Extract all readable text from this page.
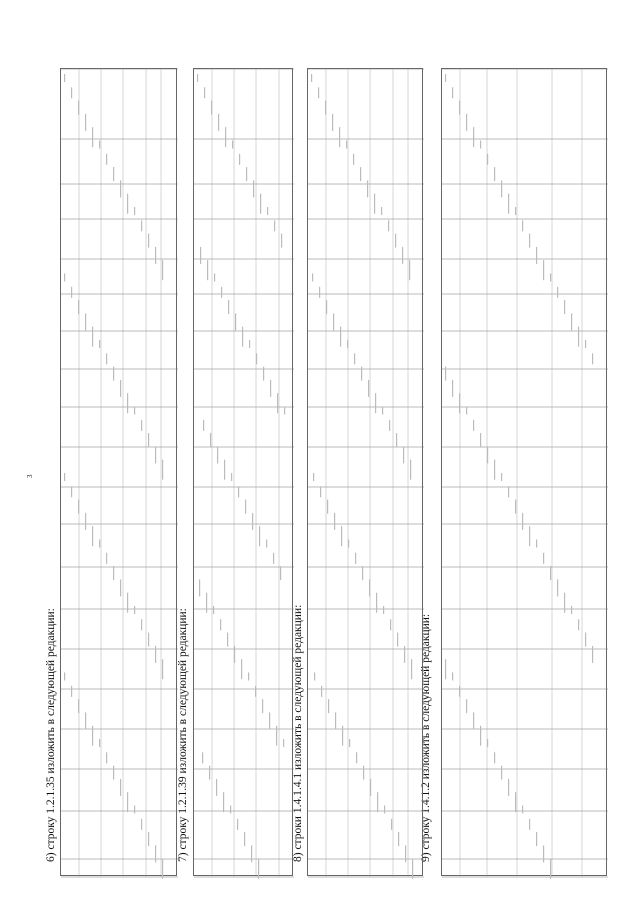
3
6) строку 1.2.1.35 изложить в следующей редакции:	7) строку 1.2.1.39 изложить в следующей редакции:	8) строки 1.4.1.4.1 изложить в следующей редакции:	9) строку 1.4.1.2 изложить в следующей редакции:
